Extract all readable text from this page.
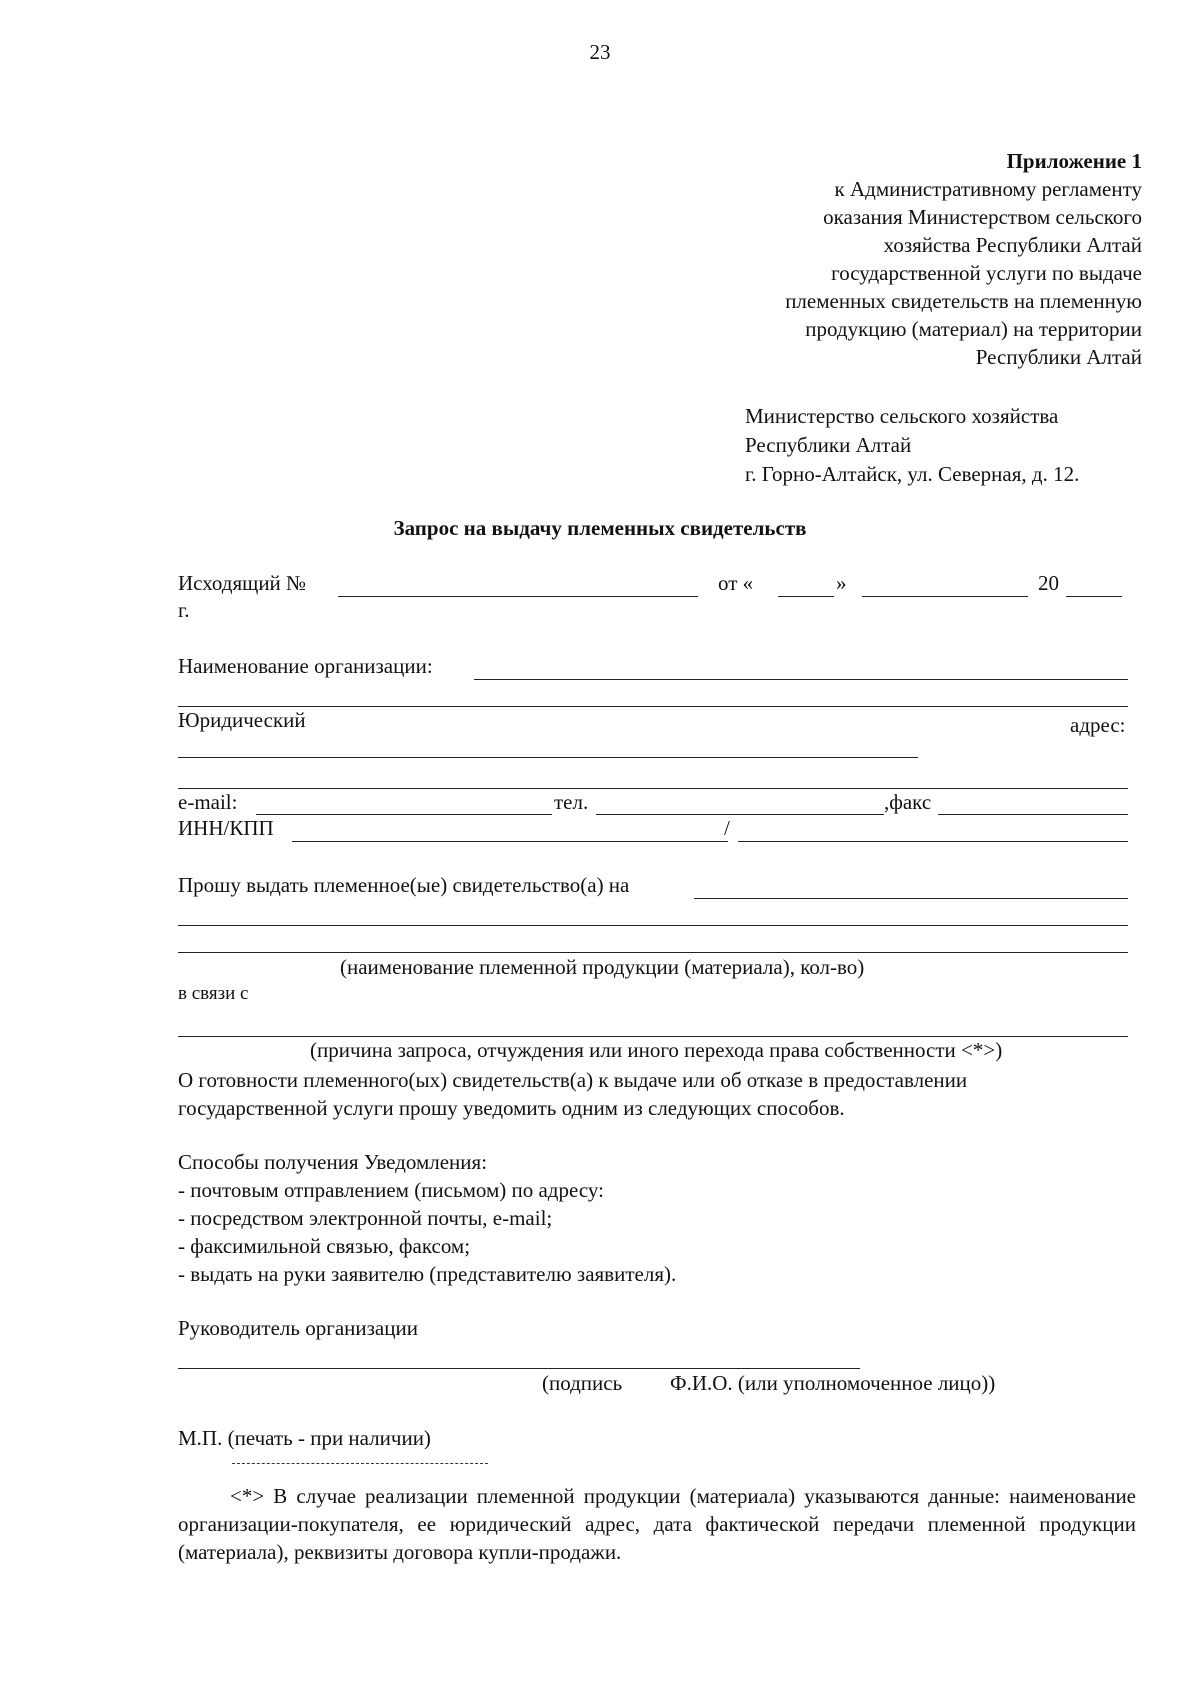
23
Приложение 1
к Административному регламенту
оказания Министерством сельского
хозяйства Республики Алтай
государственной услуги по выдаче
племенных свидетельств на племенную
продукцию (материал) на территории
Республики Алтай
Министерство сельского хозяйства
Республики Алтай
г. Горно-Алтайск, ул. Северная, д. 12.
Запрос на выдачу племенных свидетельств
Исходящий №	от «	»	20
г.
Наименование организации:
Юридический	адрес:
e-mail:	тел.	,факс
ИНН/КПП	/
Прошу выдать племенное(ые) свидетельство(а) на
(наименование племенной продукции (материала), кол-во)
в связи с
(причина запроса, отчуждения или иного перехода права собственности <*>)
О готовности племенного(ых) свидетельств(а) к выдаче или об отказе в предоставлении государственной услуги прошу уведомить одним из следующих способов.
Способы получения Уведомления:
- почтовым отправлением (письмом) по адресу:
- посредством электронной почты, e-mail;
- факсимильной связью, факсом;
- выдать на руки заявителю (представителю заявителя).
Руководитель организации
(подпись Ф.И.О. (или уполномоченное лицо))
М.П. (печать - при наличии)
<*> В случае реализации племенной продукции (материала) указываются данные: наименование организации-покупателя, ее юридический адрес, дата фактической передачи племенной продукции (материала), реквизиты договора купли-продажи.
